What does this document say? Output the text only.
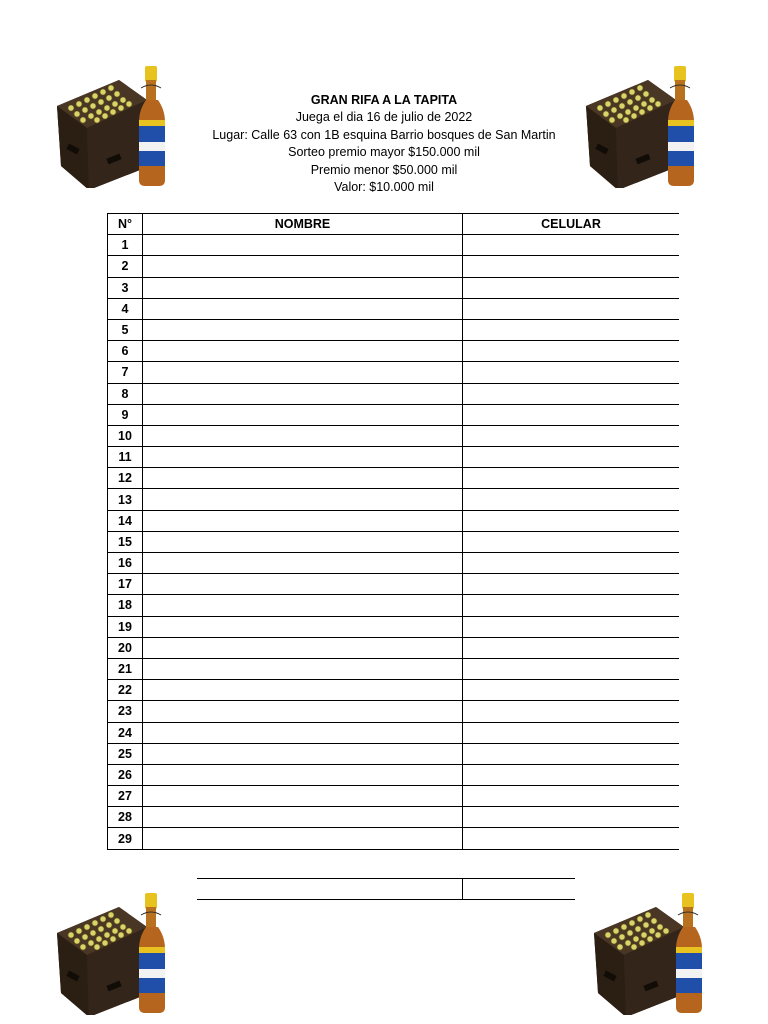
GRAN RIFA A LA TAPITA
Juega el dia 16 de julio de 2022
Lugar: Calle 63 con 1B esquina Barrio bosques de San Martin
Sorteo premio mayor $150.000 mil
Premio menor $50.000 mil
Valor: $10.000 mil
N°	NOMBRE	CELULAR
1		
2		
3		
4		
5		
6		
7		
8		
9		
10		
11		
12		
13		
14		
15		
16		
17		
18		
19		
20		
21		
22		
23		
24		
25		
26		
27		
28		
29		
